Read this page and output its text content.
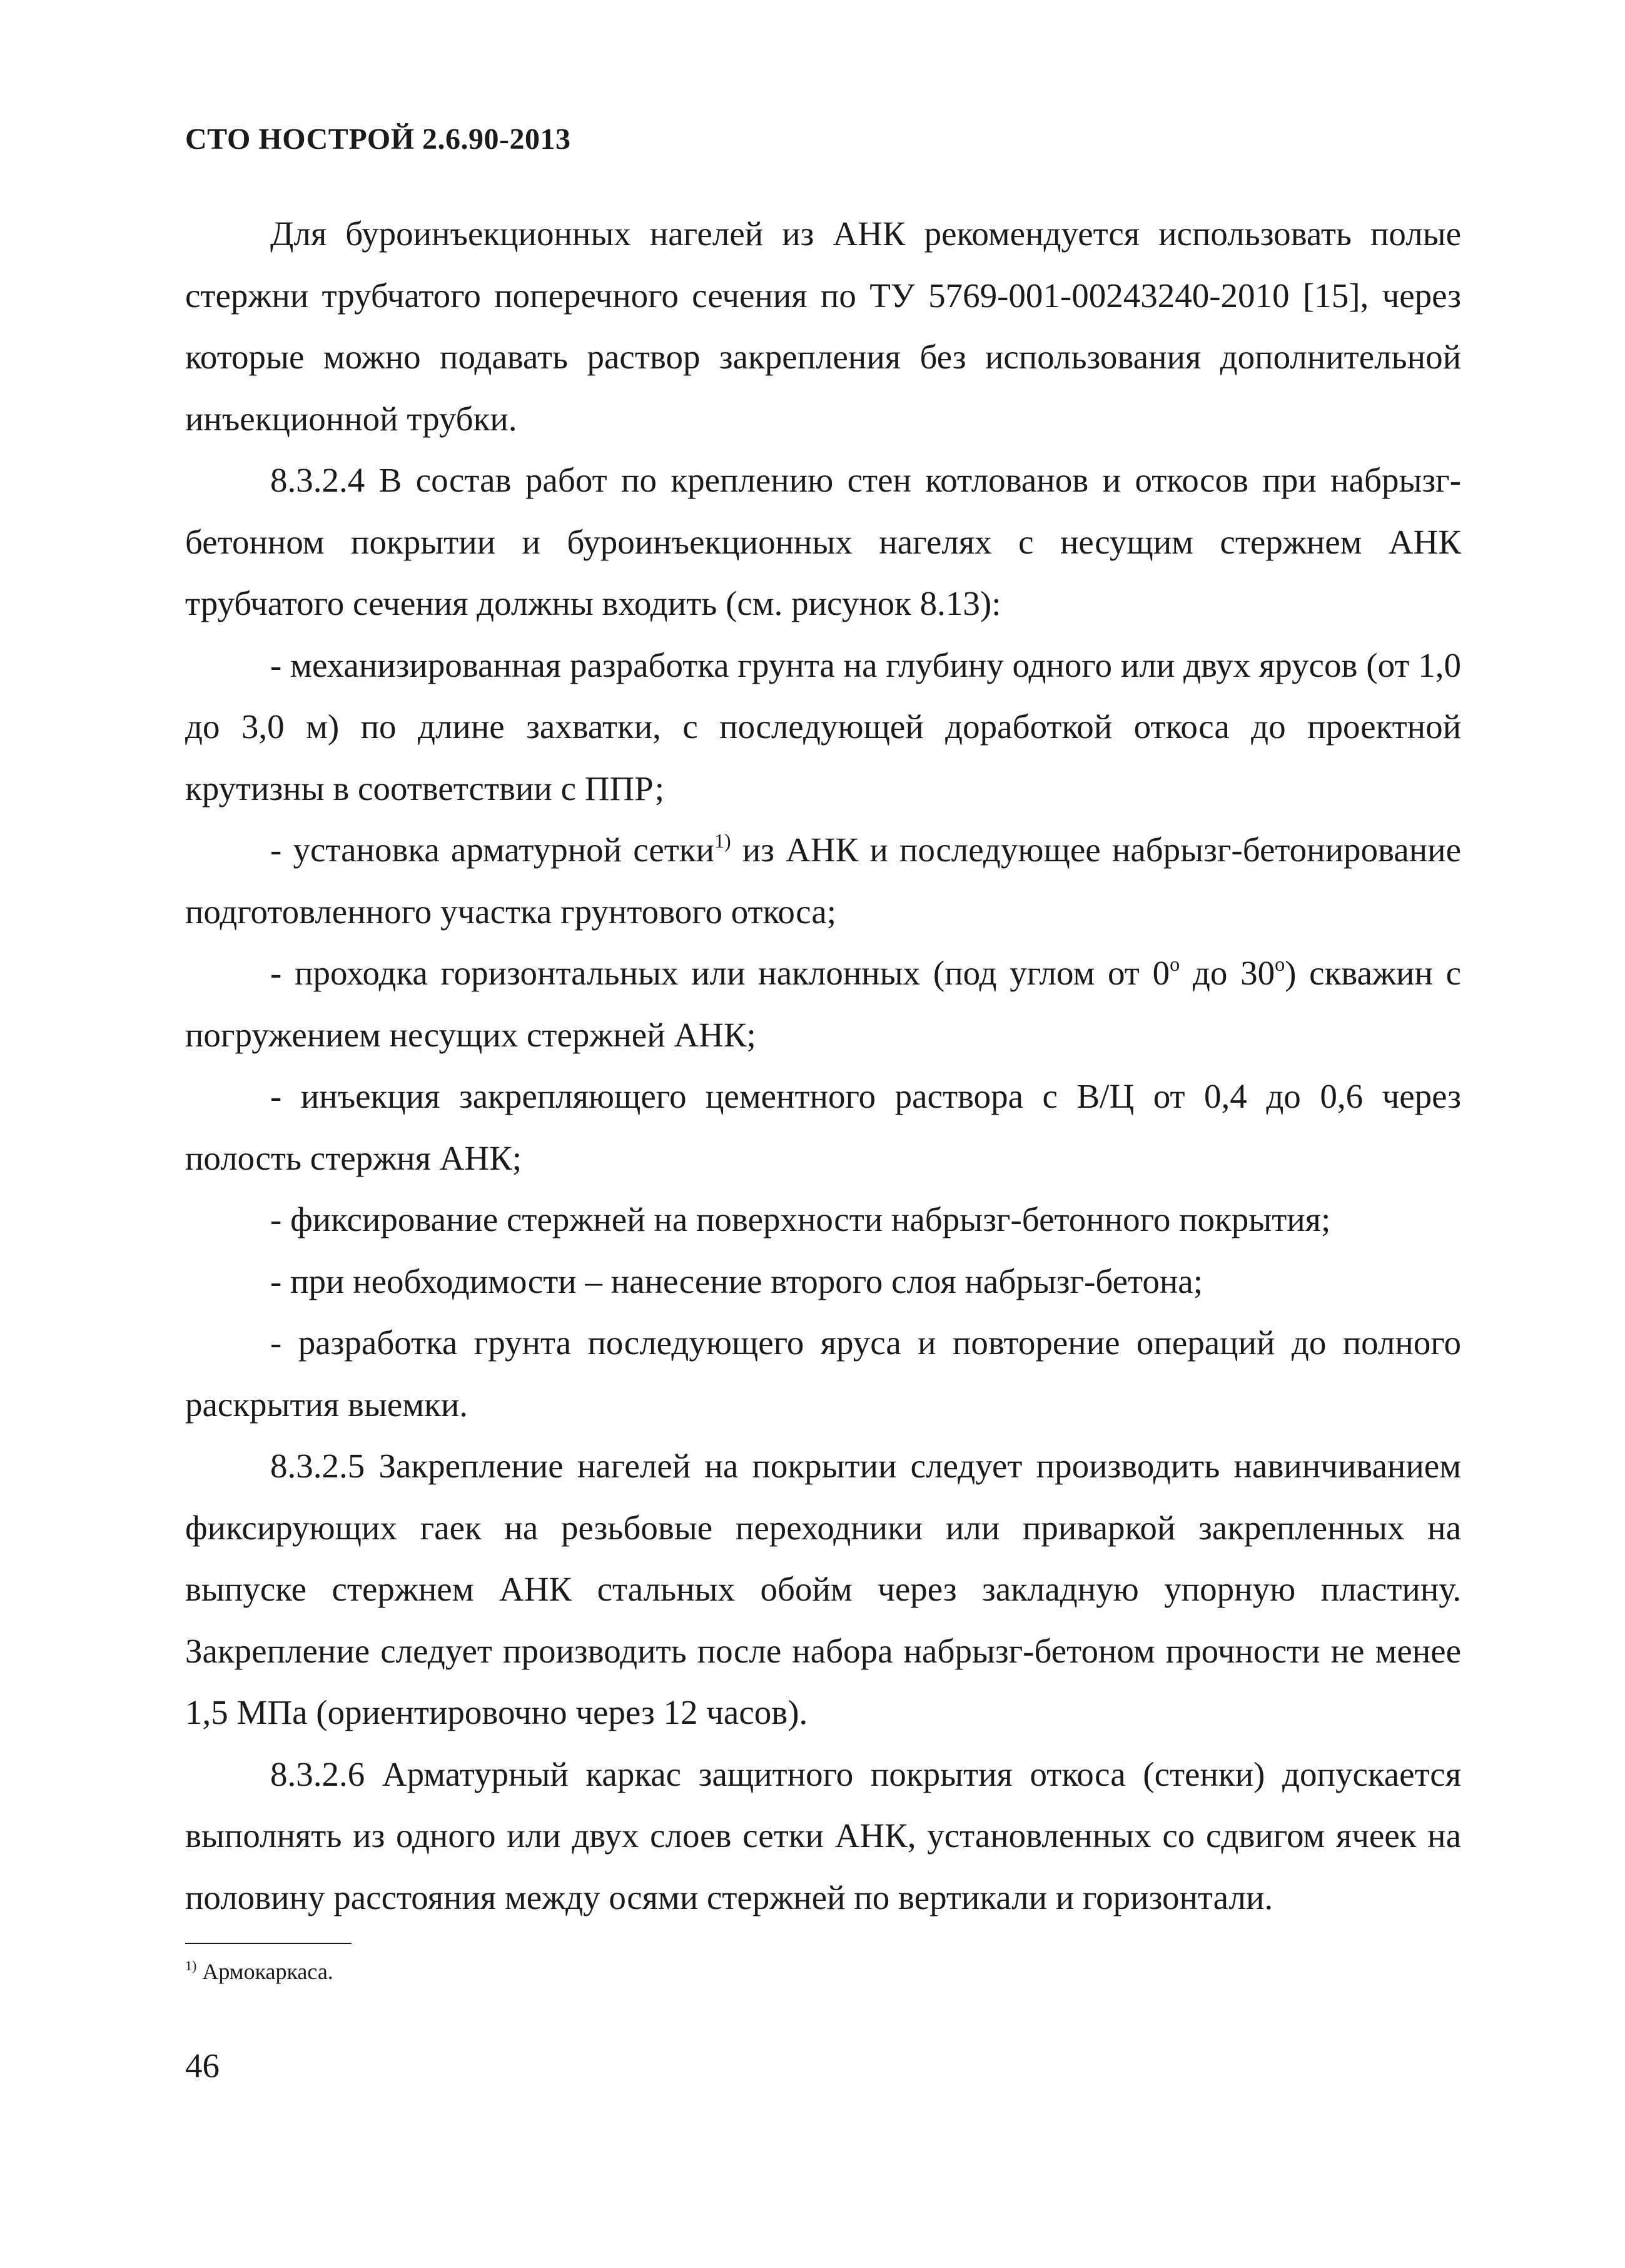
СТО НОСТРОЙ 2.6.90-2013

Для буроинъекционных нагелей из АНК рекомендуется использовать полые стержни трубчатого поперечного сечения по ТУ 5769-001-00243240-2010 [15], через которые можно подавать раствор закрепления без использования дополнительной инъекционной трубки.

8.3.2.4 В состав работ по креплению стен котлованов и откосов при набрызг-бетонном покрытии и буроинъекционных нагелях с несущим стержнем АНК трубчатого сечения должны входить (см. рисунок 8.13):

- механизированная разработка грунта на глубину одного или двух ярусов (от 1,0 до 3,0 м) по длине захватки, с последующей доработкой откоса до проектной крутизны в соответствии с ППР;

- установка арматурной сетки$^{1)}$ из АНК и последующее набрызг-бетонирование подготовленного участка грунтового откоса;

- проходка горизонтальных или наклонных (под углом от $0^о$ до $30^о$) скважин с погружением несущих стержней АНК;

- инъекция закрепляющего цементного раствора с В/Ц от 0,4 до 0,6 через полость стержня АНК;

- фиксирование стержней на поверхности набрызг-бетонного покрытия;

- при необходимости – нанесение второго слоя набрызг-бетона;

- разработка грунта последующего яруса и повторение операций до полного раскрытия выемки.

8.3.2.5 Закрепление нагелей на покрытии следует производить навинчиванием фиксирующих гаек на резьбовые переходники или приваркой закрепленных на выпуске стержнем АНК стальных обойм через закладную упорную пластину. Закрепление следует производить после набора набрызг-бетоном прочности не менее 1,5 МПа (ориентировочно через 12 часов).

8.3.2.6 Арматурный каркас защитного покрытия откоса (стенки) допускается выполнять из одного или двух слоев сетки АНК, установленных со сдвигом ячеек на половину расстояния между осями стержней по вертикали и горизонтали.

$^{1)}$ Армокаркаса.

46
